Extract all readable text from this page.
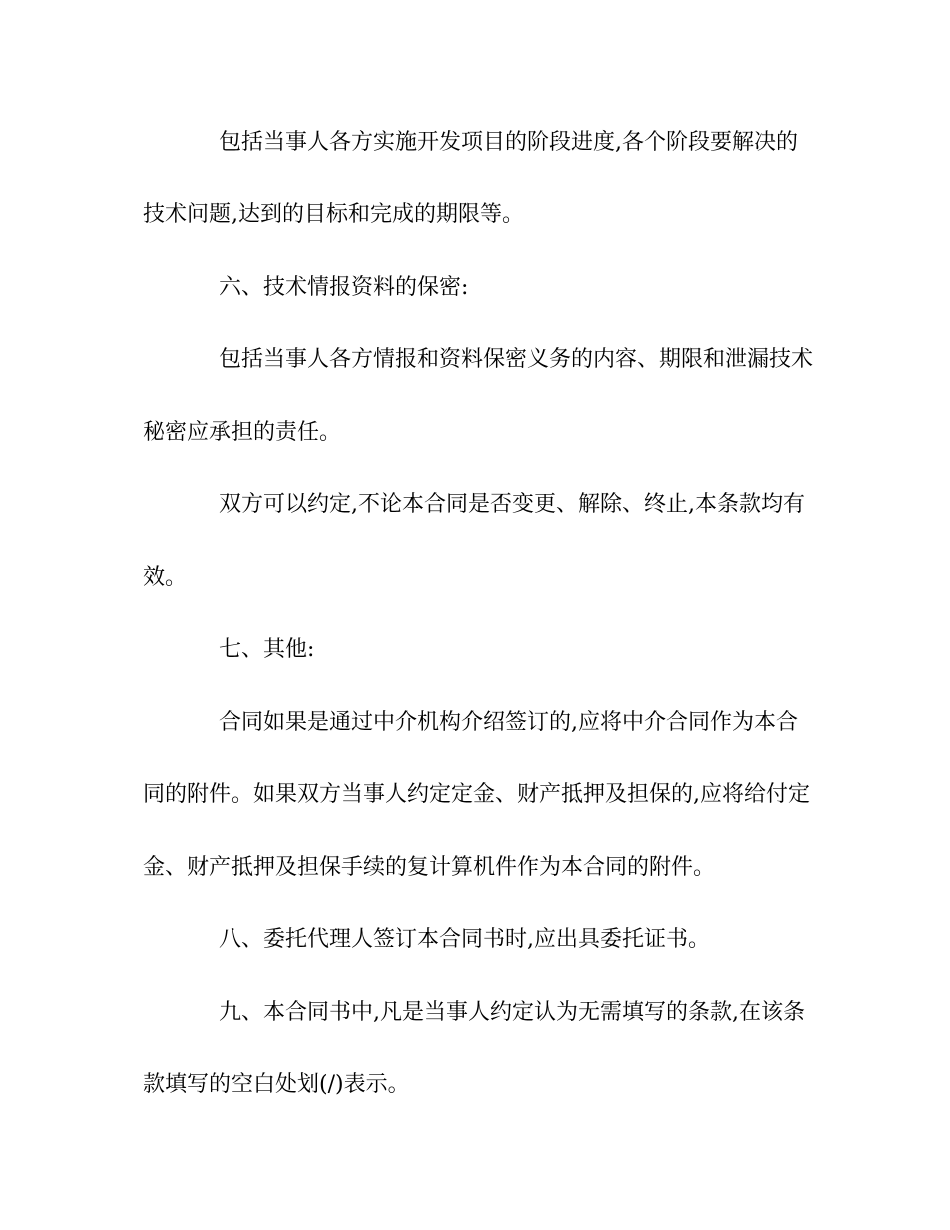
包括当事人各方实施开发项目的阶段进度,各个阶段要解决的
技术问题,达到的目标和完成的期限等。
六、技术情报资料的保密:
包括当事人各方情报和资料保密义务的内容、期限和泄漏技术
秘密应承担的责任。
双方可以约定,不论本合同是否变更、解除、终止,本条款均有
效。
七、其他:
合同如果是通过中介机构介绍签订的,应将中介合同作为本合
同的附件。如果双方当事人约定定金、财产抵押及担保的,应将给付定
金、财产抵押及担保手续的复计算机件作为本合同的附件。
八、委托代理人签订本合同书时,应出具委托证书。
九、本合同书中,凡是当事人约定认为无需填写的条款,在该条
款填写的空白处划(/)表示。
